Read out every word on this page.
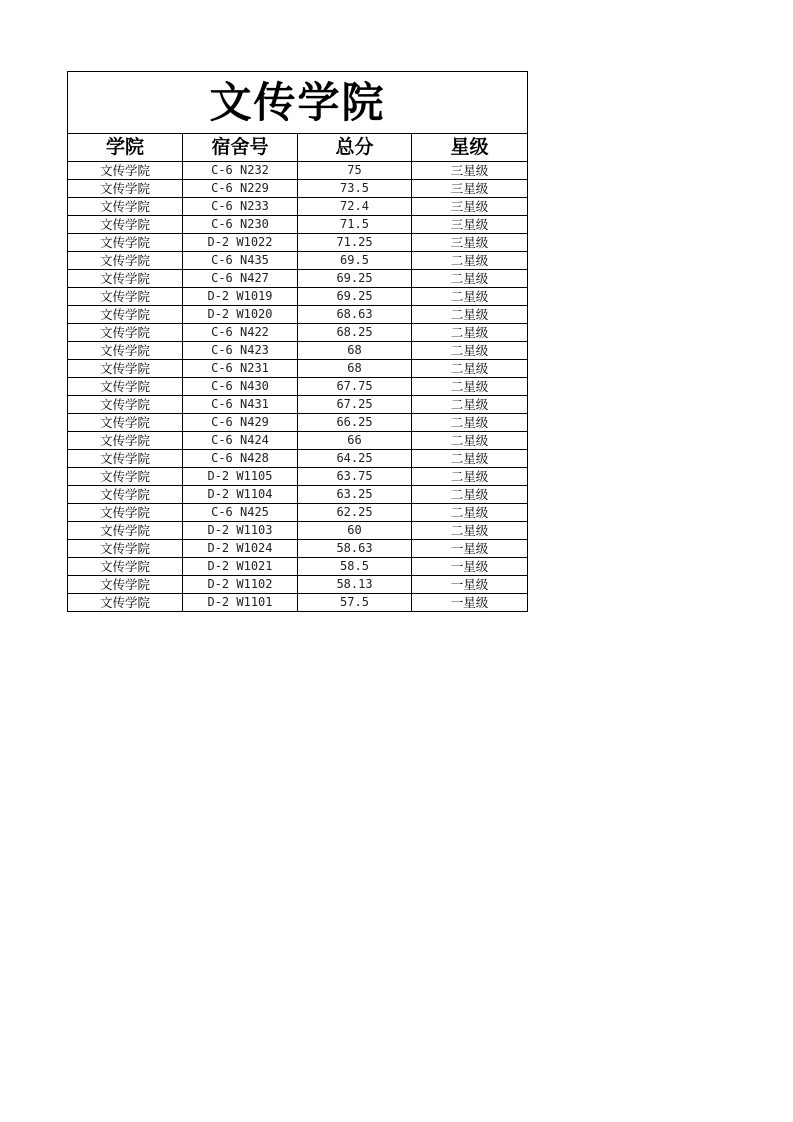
文传学院			
学院	宿舍号	总分	星级
文传学院	C-6 N232	75	三星级
文传学院	C-6 N229	73.5	三星级
文传学院	C-6 N233	72.4	三星级
文传学院	C-6 N230	71.5	三星级
文传学院	D-2 W1022	71.25	三星级
文传学院	C-6 N435	69.5	二星级
文传学院	C-6 N427	69.25	二星级
文传学院	D-2 W1019	69.25	二星级
文传学院	D-2 W1020	68.63	二星级
文传学院	C-6 N422	68.25	二星级
文传学院	C-6 N423	68	二星级
文传学院	C-6 N231	68	二星级
文传学院	C-6 N430	67.75	二星级
文传学院	C-6 N431	67.25	二星级
文传学院	C-6 N429	66.25	二星级
文传学院	C-6 N424	66	二星级
文传学院	C-6 N428	64.25	二星级
文传学院	D-2 W1105	63.75	二星级
文传学院	D-2 W1104	63.25	二星级
文传学院	C-6 N425	62.25	二星级
文传学院	D-2 W1103	60	二星级
文传学院	D-2 W1024	58.63	一星级
文传学院	D-2 W1021	58.5	一星级
文传学院	D-2 W1102	58.13	一星级
文传学院	D-2 W1101	57.5	一星级
